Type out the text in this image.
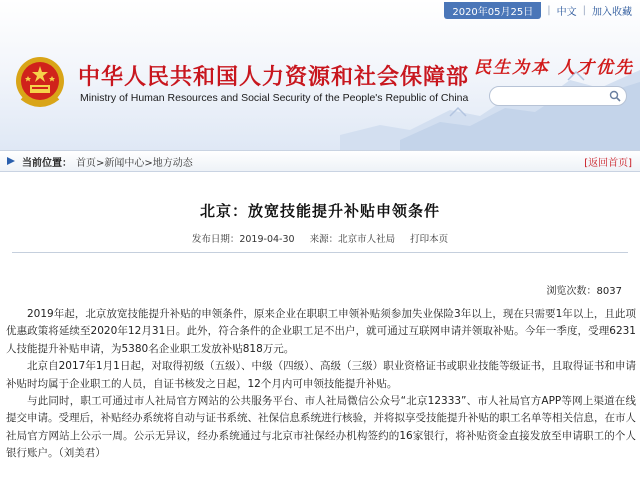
2020年05月25日	| 中文 | 加入收藏
中华人民共和国人力资源和社会保障部
Ministry of Human Resources and Social Security of the People's Republic of China
民生为本 人才优先
当前位置： 首页>新闻中心>地方动态	[返回首页]
北京：放宽技能提升补贴申领条件
发布日期：2019-04-30 来源：北京市人社局 打印本页
浏览次数：8037

2019年起，北京放宽技能提升补贴的申领条件，原来企业在职职工申领补贴须参加失业保险3年以上，现在只需要1年以上，且此项优惠政策将延续至2020年12月31日。此外，符合条件的企业职工足不出户，就可通过互联网申请并领取补贴。今年一季度，受理6231人技能提升补贴申请，为5380名企业职工发放补贴818万元。

北京自2017年1月1日起，对取得初级（五级）、中级（四级）、高级（三级）职业资格证书或职业技能等级证书，且取得证书和申请补贴时均属于企业职工的人员，自证书核发之日起，12个月内可申领技能提升补贴。

与此同时，职工可通过市人社局官方网站的公共服务平台、市人社局微信公众号“北京12333”、市人社局官方APP等网上渠道在线提交申请。受理后，补贴经办系统将自动与证书系统、社保信息系统进行核验，并将拟享受技能提升补贴的职工名单等相关信息，在市人社局官方网站上公示一周。公示无异议，经办系统通过与北京市社保经办机构签约的16家银行，将补贴资金直接发放至申请职工的个人银行账户。（刘美君）
